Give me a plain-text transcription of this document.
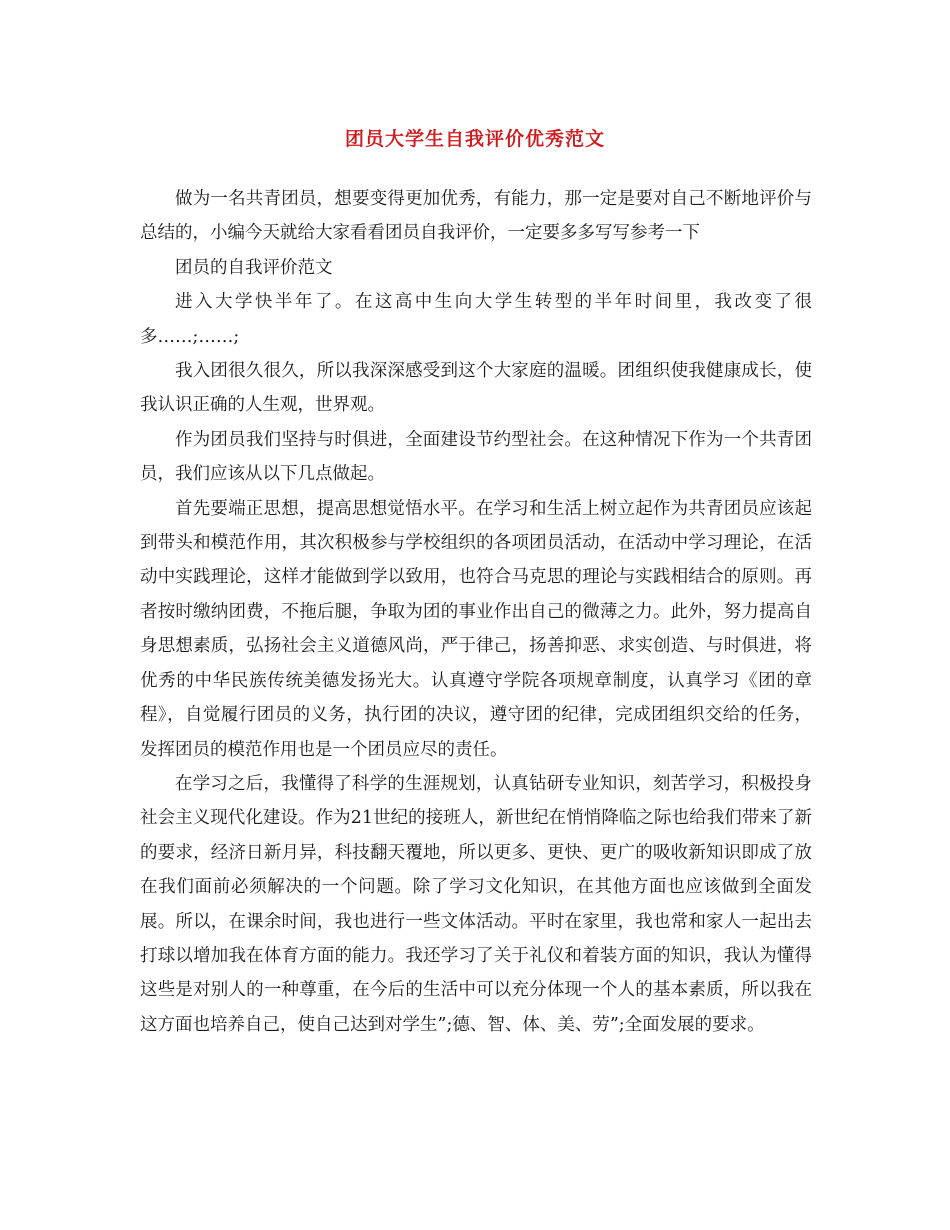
团员大学生自我评价优秀范文

做为一名共青团员，想要变得更加优秀，有能力，那一定是要对自己不断地评价与总结的，小编今天就给大家看看团员自我评价，一定要多多写写参考一下

团员的自我评价范文

进入大学快半年了。在这高中生向大学生转型的半年时间里，我改变了很多……;……;

我入团很久很久，所以我深深感受到这个大家庭的温暖。团组织使我健康成长，使我认识正确的人生观，世界观。

作为团员我们坚持与时俱进，全面建设节约型社会。在这种情况下作为一个共青团员，我们应该从以下几点做起。

首先要端正思想，提高思想觉悟水平。在学习和生活上树立起作为共青团员应该起到带头和模范作用，其次积极参与学校组织的各项团员活动，在活动中学习理论，在活动中实践理论，这样才能做到学以致用，也符合马克思的理论与实践相结合的原则。再者按时缴纳团费，不拖后腿，争取为团的事业作出自己的微薄之力。此外，努力提高自身思想素质，弘扬社会主义道德风尚，严于律己，扬善抑恶、求实创造、与时俱进，将优秀的中华民族传统美德发扬光大。认真遵守学院各项规章制度，认真学习《团的章程》，自觉履行团员的义务，执行团的决议，遵守团的纪律，完成团组织交给的任务，发挥团员的模范作用也是一个团员应尽的责任。

在学习之后，我懂得了科学的生涯规划，认真钻研专业知识，刻苦学习，积极投身社会主义现代化建设。作为21世纪的接班人，新世纪在悄悄降临之际也给我们带来了新的要求，经济日新月异，科技翻天覆地，所以更多、更快、更广的吸收新知识即成了放在我们面前必须解决的一个问题。除了学习文化知识，在其他方面也应该做到全面发展。所以，在课余时间，我也进行一些文体活动。平时在家里，我也常和家人一起出去打球以增加我在体育方面的能力。我还学习了关于礼仪和着装方面的知识，我认为懂得这些是对别人的一种尊重，在今后的生活中可以充分体现一个人的基本素质，所以我在这方面也培养自己，使自己达到对学生”;德、智、体、美、劳”;全面发展的要求。
